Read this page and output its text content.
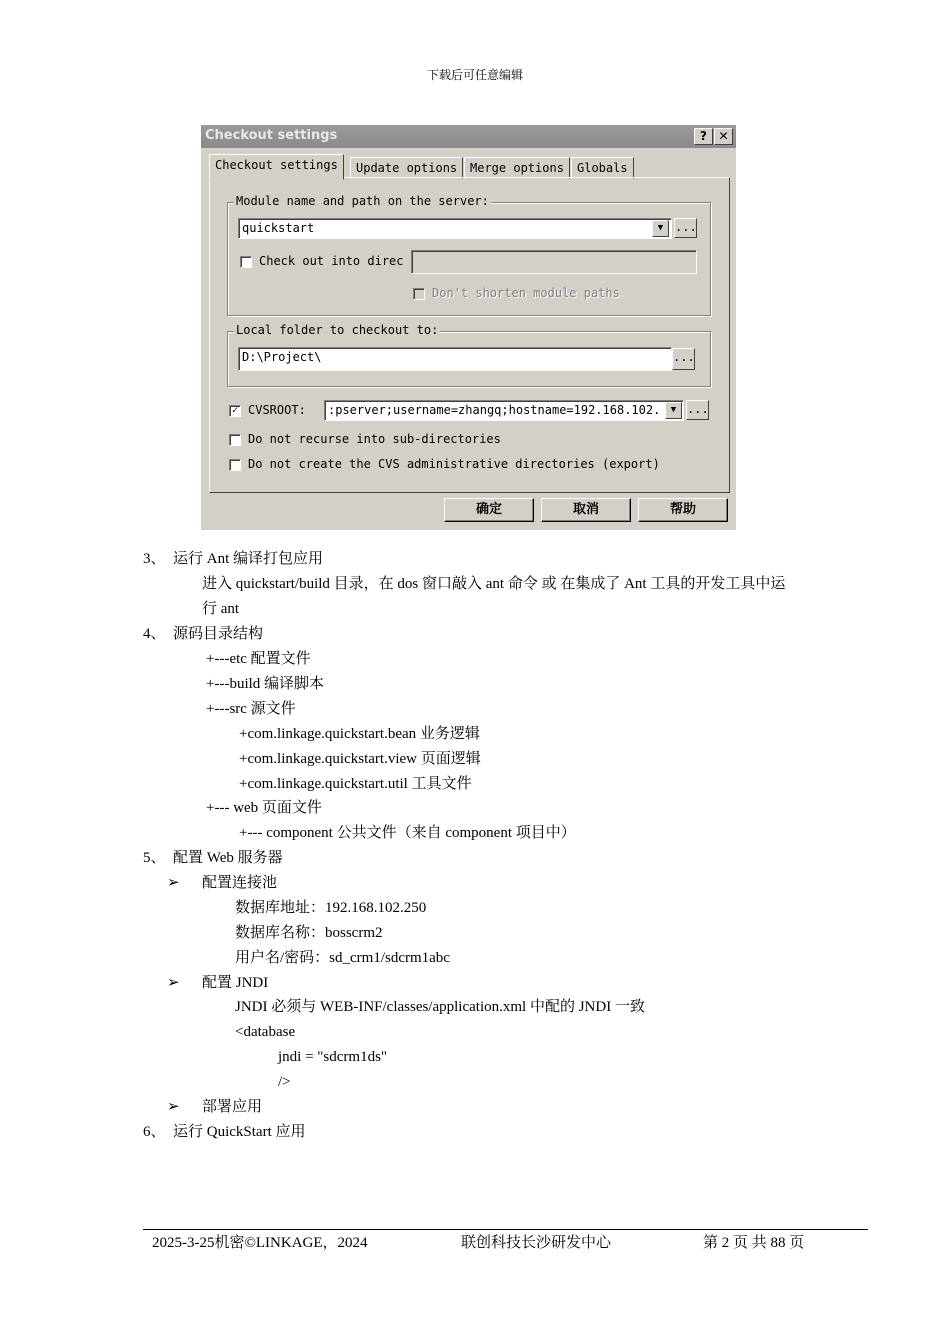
下载后可任意编辑
Checkout settings	? ✕
Checkout settings	Update options	Merge options	Globals
Module name and path on the server:
quickstart	▼ ...
Check out into direc
Don't shorten module paths
Local folder to checkout to:
D:\Project\	...
✓ CVSROOT:	:pserver;username=zhangq;hostname=192.168.102.	▼ ...
Do not recurse into sub-directories
Do not create the CVS administrative directories (export)
确定	取消	帮助
3、 运行 Ant 编译打包应用
进入 quickstart/build 目录，在 dos 窗口敲入 ant 命令 或 在集成了 Ant 工具的开发工具中运
行 ant
4、 源码目录结构
+---etc 配置文件
+---build 编译脚本
+---src 源文件
+com.linkage.quickstart.bean 业务逻辑
+com.linkage.quickstart.view 页面逻辑
+com.linkage.quickstart.util 工具文件
+--- web 页面文件
+--- component 公共文件（来自 component 项目中）
5、 配置 Web 服务器
➢ 配置连接池
数据库地址：192.168.102.250
数据库名称：bosscrm2
用户名/密码：sd_crm1/sdcrm1abc
➢ 配置 JNDI
JNDI 必须与 WEB-INF/classes/application.xml 中配的 JNDI 一致
<database
jndi = "sdcrm1ds"
/>
➢ 部署应用
6、 运行 QuickStart 应用
2025-3-25机密©LINKAGE，2024	联创科技长沙研发中心	第 2 页 共 88 页
